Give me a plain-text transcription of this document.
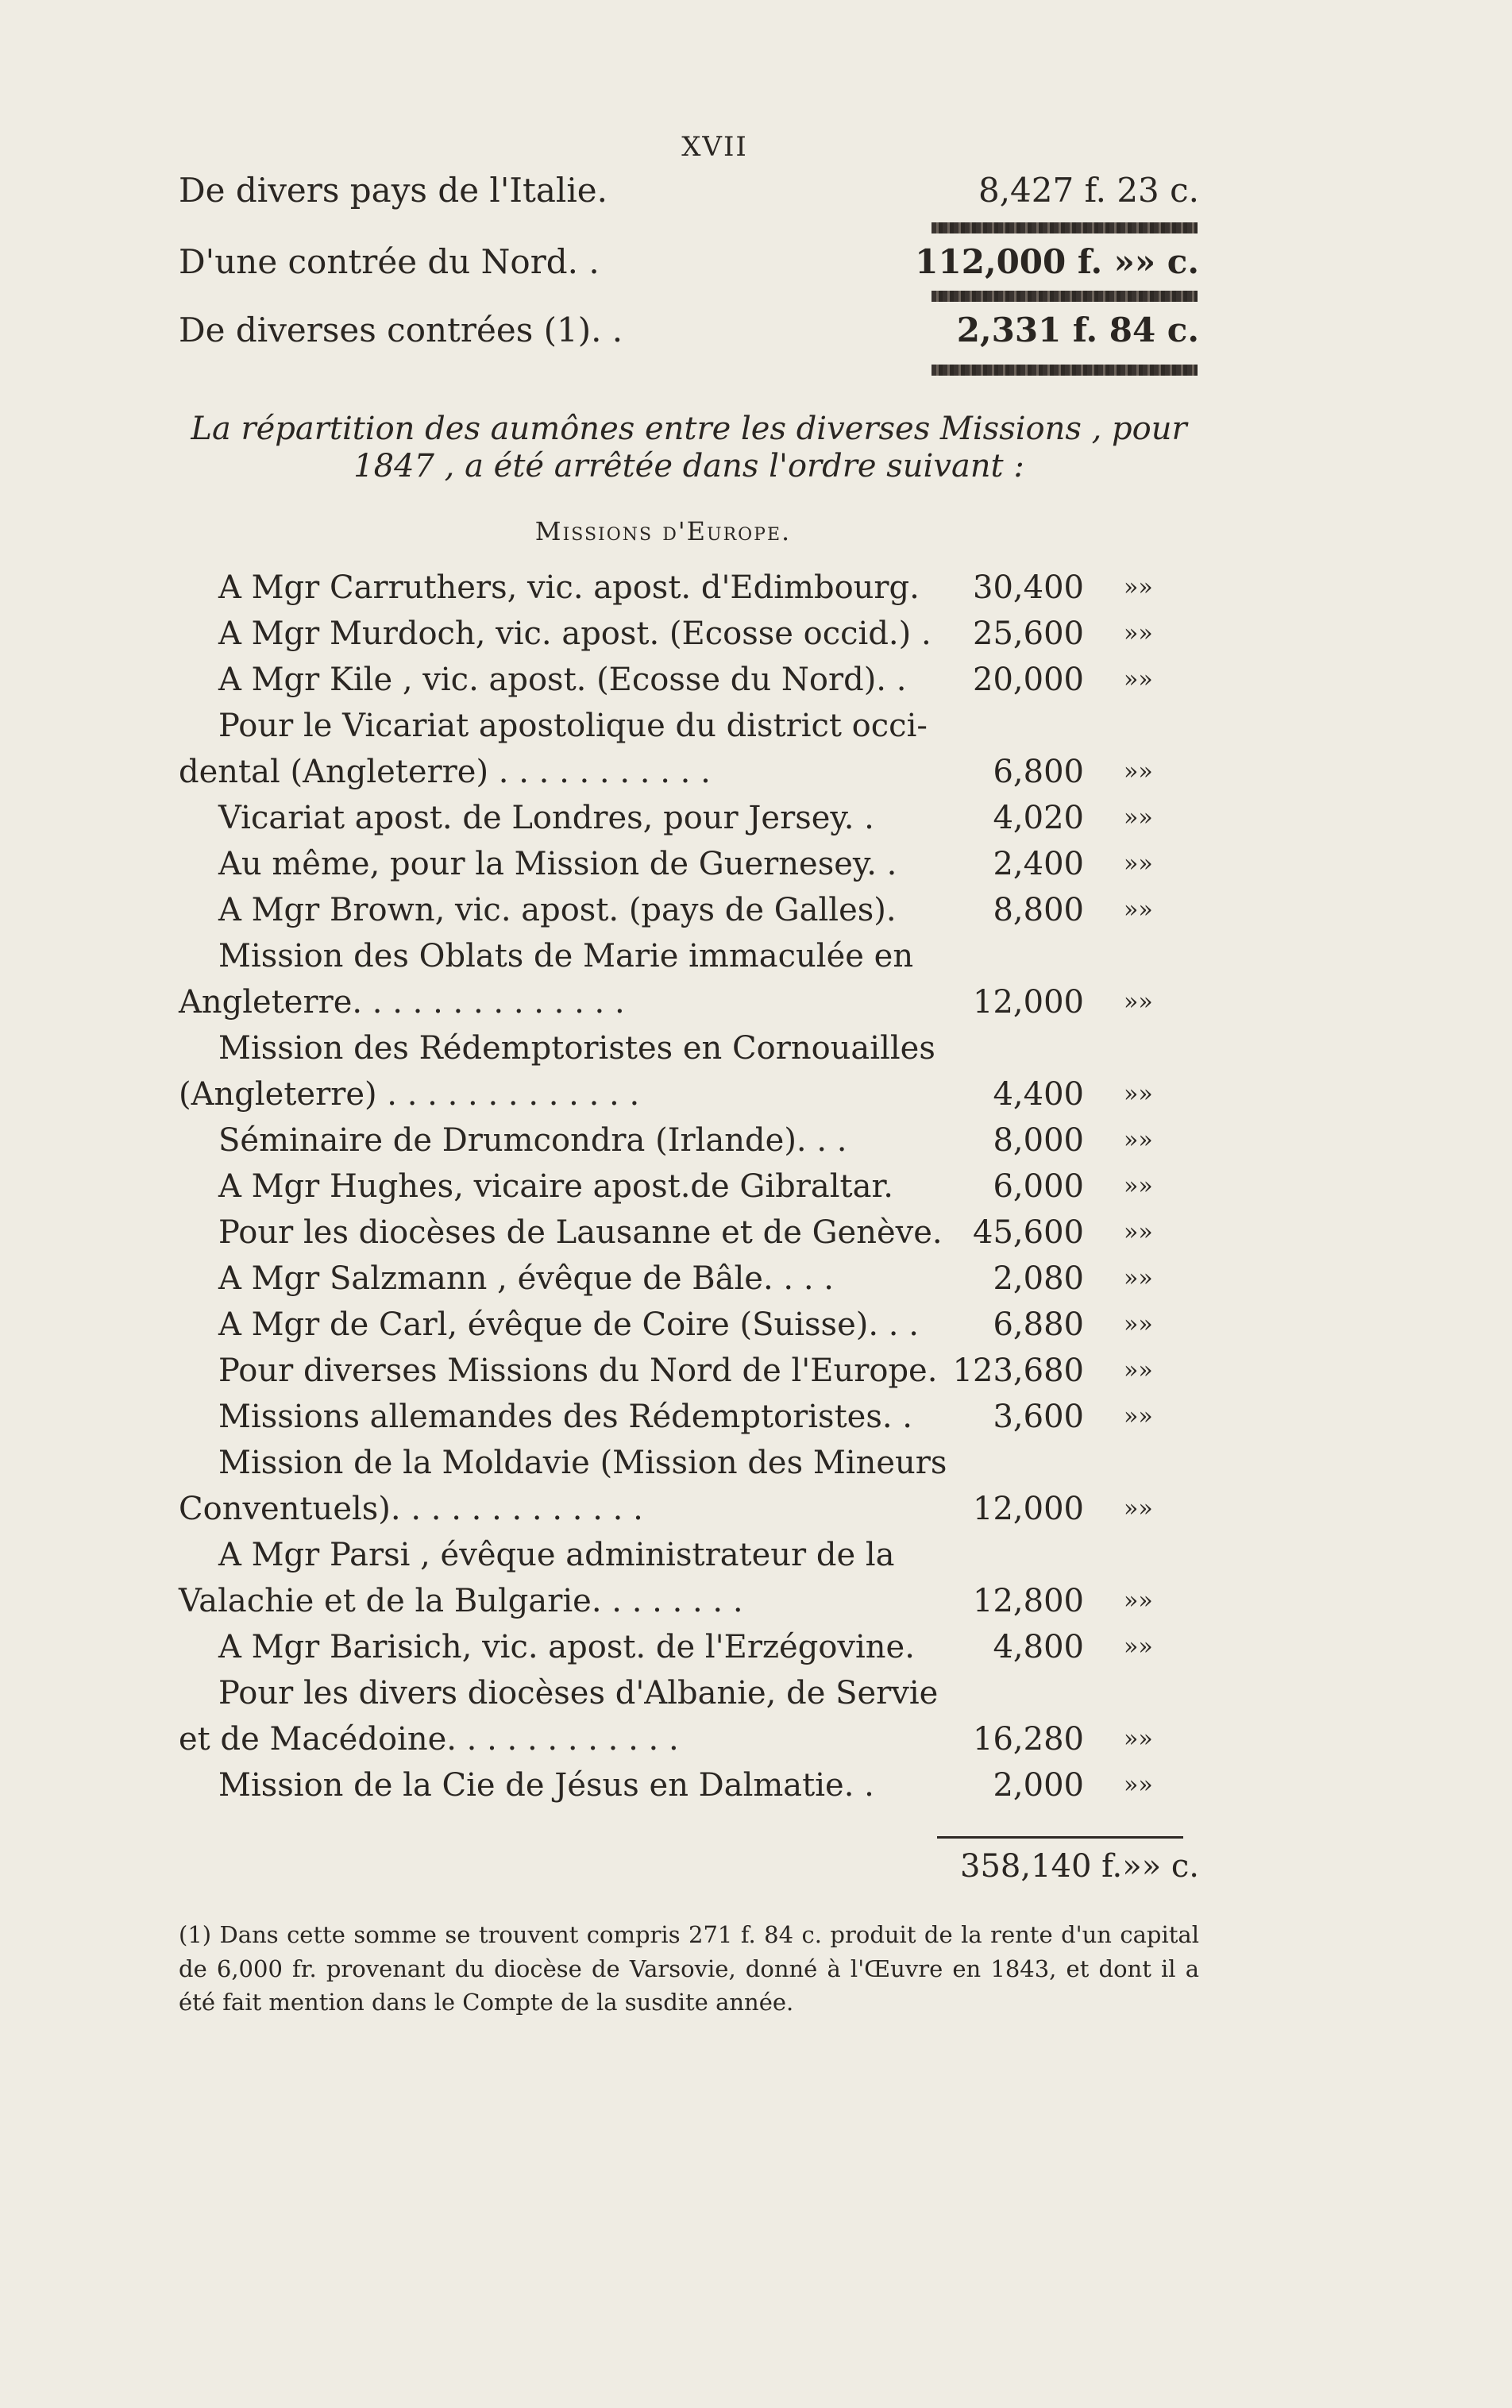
XVII
De divers pays de l'Italie.	8,427 f. 23 c.
D'une contrée du Nord. .	112,000 f. »» c.
De diverses contrées (1). .	2,331 f. 84 c.
La répartition des aumônes entre les diverses Missions , pour
1847 , a été arrêtée dans l'ordre suivant :
Missions d'Europe.
A Mgr Carruthers, vic. apost. d'Edimbourg. 30,400 »»
A Mgr Murdoch, vic. apost. (Ecosse occid.) . 25,600 »»
A Mgr Kile , vic. apost. (Ecosse du Nord). . 20,000 »»
Pour le Vicariat apostolique du district occi-
dental (Angleterre) . . . . . . . . . . .	6,800 »»
Vicariat apost. de Londres, pour Jersey. .	4,020 »»
Au même, pour la Mission de Guernesey. .	2,400 »»
A Mgr Brown, vic. apost. (pays de Galles).	8,800 »»
Mission des Oblats de Marie immaculée en
Angleterre. . . . . . . . . . . . . .	12,000 »»
Mission des Rédemptoristes en Cornouailles
(Angleterre) . . . . . . . . . . . . .	4,400 »»
Séminaire de Drumcondra (Irlande). . .	8,000 »»
A Mgr Hughes, vicaire apost.de Gibraltar.	6,000 »»
Pour les diocèses de Lausanne et de Genève. 45,600 »»
A Mgr Salzmann , évêque de Bâle. . . .	2,080 »»
A Mgr de Carl, évêque de Coire (Suisse). . . 6,880 »»
Pour diverses Missions du Nord de l'Europe. 123,680 »»
Missions allemandes des Rédemptoristes. .	3,600 »»
Mission de la Moldavie (Mission des Mineurs
Conventuels). . . . . . . . . . . . .	12,000 »»
A Mgr Parsi , évêque administrateur de la
Valachie et de la Bulgarie. . . . . . . .	12,800 »»
A Mgr Barisich, vic. apost. de l'Erzégovine. 4,800 »»
Pour les divers diocèses d'Albanie, de Servie
et de Macédoine. . . . . . . . . . . .	16,280 »»
Mission de la Cie de Jésus en Dalmatie. .	2,000 »»
358,140 f.»» c.
(1) Dans cette somme se trouvent compris 271 f. 84 c. produit de la rente d'un capital de 6,000 fr. provenant du diocèse de Varsovie, donné à l'Œuvre en 1843, et dont il a été fait mention dans le Compte de la susdite année.
